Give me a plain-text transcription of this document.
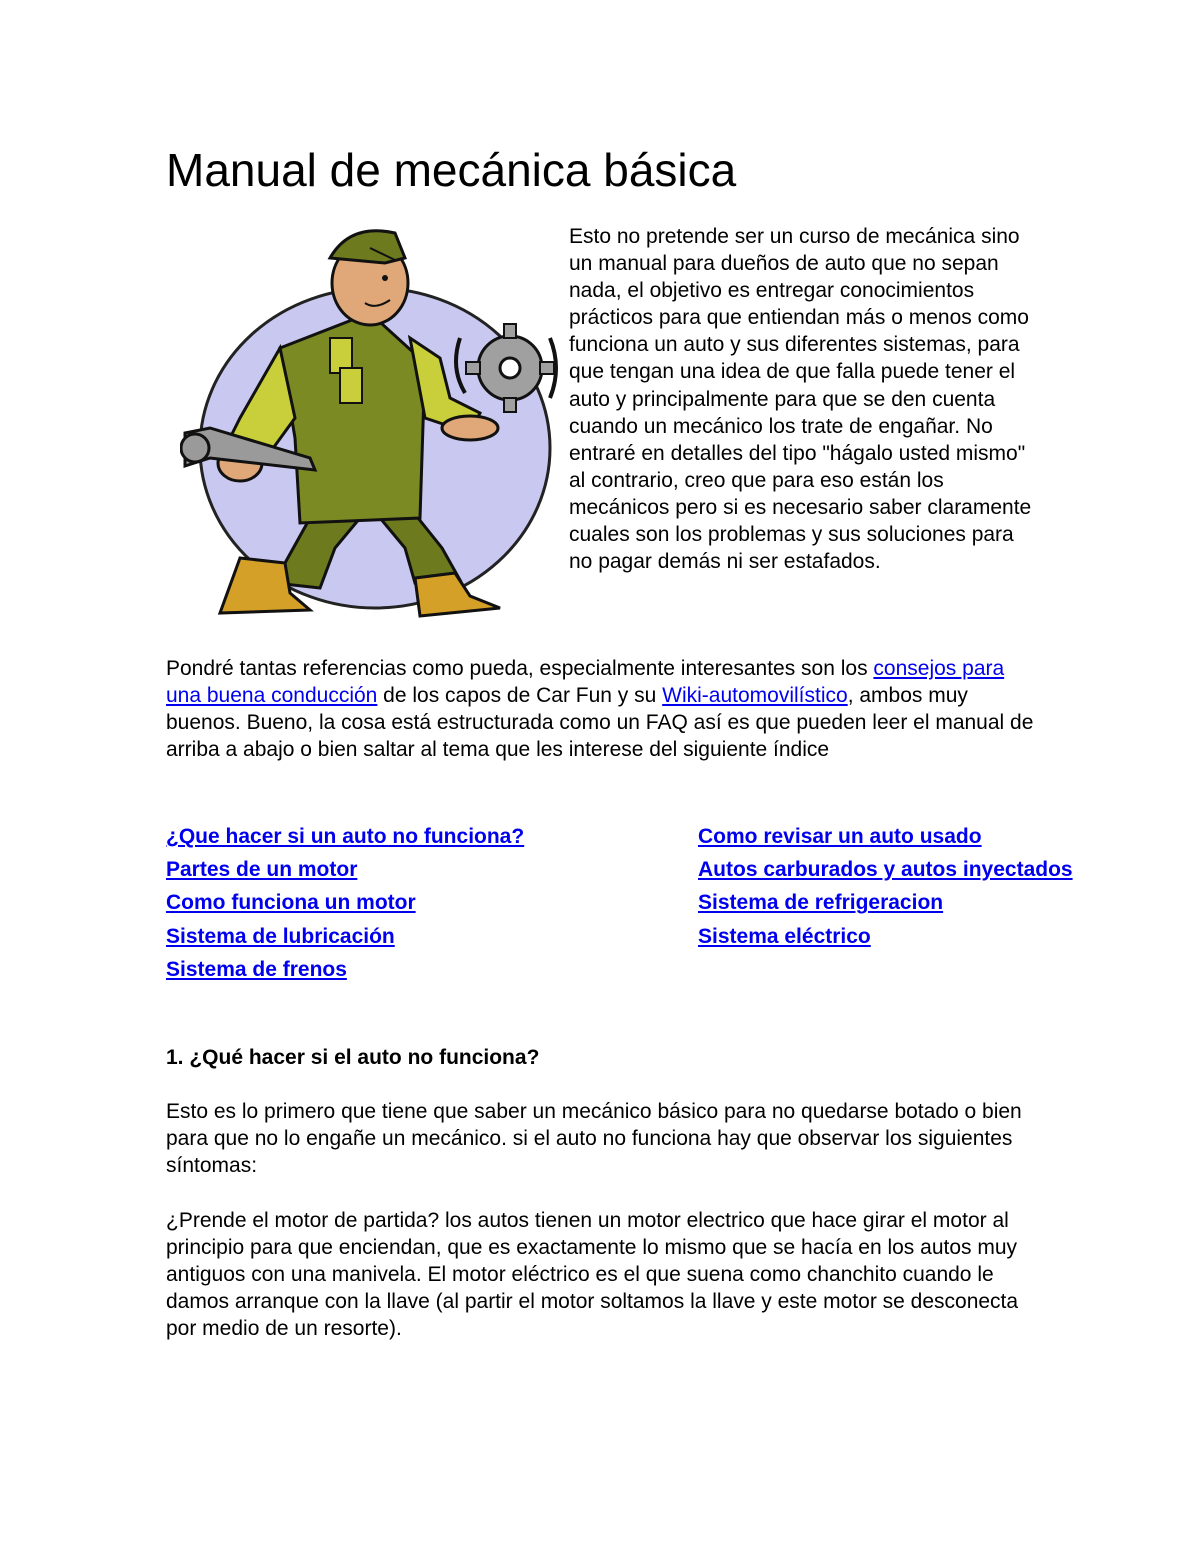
Manual de mecánica básica

Esto no pretende ser un curso de mecánica sino un manual para dueños de auto que no sepan nada, el objetivo es entregar conocimientos prácticos para que entiendan más o menos como funciona un auto y sus diferentes sistemas, para que tengan una idea de que falla puede tener el auto y principalmente para que se den cuenta cuando un mecánico los trate de engañar. No entraré en detalles del tipo "hágalo usted mismo" al contrario, creo que para eso están los mecánicos pero si es necesario saber claramente cuales son los problemas y sus soluciones para no pagar demás ni ser estafados.

Pondré tantas referencias como pueda, especialmente interesantes son los consejos para una buena conducción de los capos de Car Fun y su Wiki-automovilístico, ambos muy buenos. Bueno, la cosa está estructurada como un FAQ así es que pueden leer el manual de arriba a abajo o bien saltar al tema que les interese del siguiente índice

¿Que hacer si un auto no funciona?
Partes de un motor
Como funciona un motor
Sistema de lubricación
Sistema de frenos
Como revisar un auto usado
Autos carburados y autos inyectados
Sistema de refrigeracion
Sistema eléctrico
1. ¿Qué hacer si el auto no funciona?

Esto es lo primero que tiene que saber un mecánico básico para no quedarse botado o bien para que no lo engañe un mecánico. si el auto no funciona hay que observar los siguientes síntomas:

¿Prende el motor de partida? los autos tienen un motor electrico que hace girar el motor al principio para que enciendan, que es exactamente lo mismo que se hacía en los autos muy antiguos con una manivela. El motor eléctrico es el que suena como chanchito cuando le damos arranque con la llave (al partir el motor soltamos la llave y este motor se desconecta por medio de un resorte).
